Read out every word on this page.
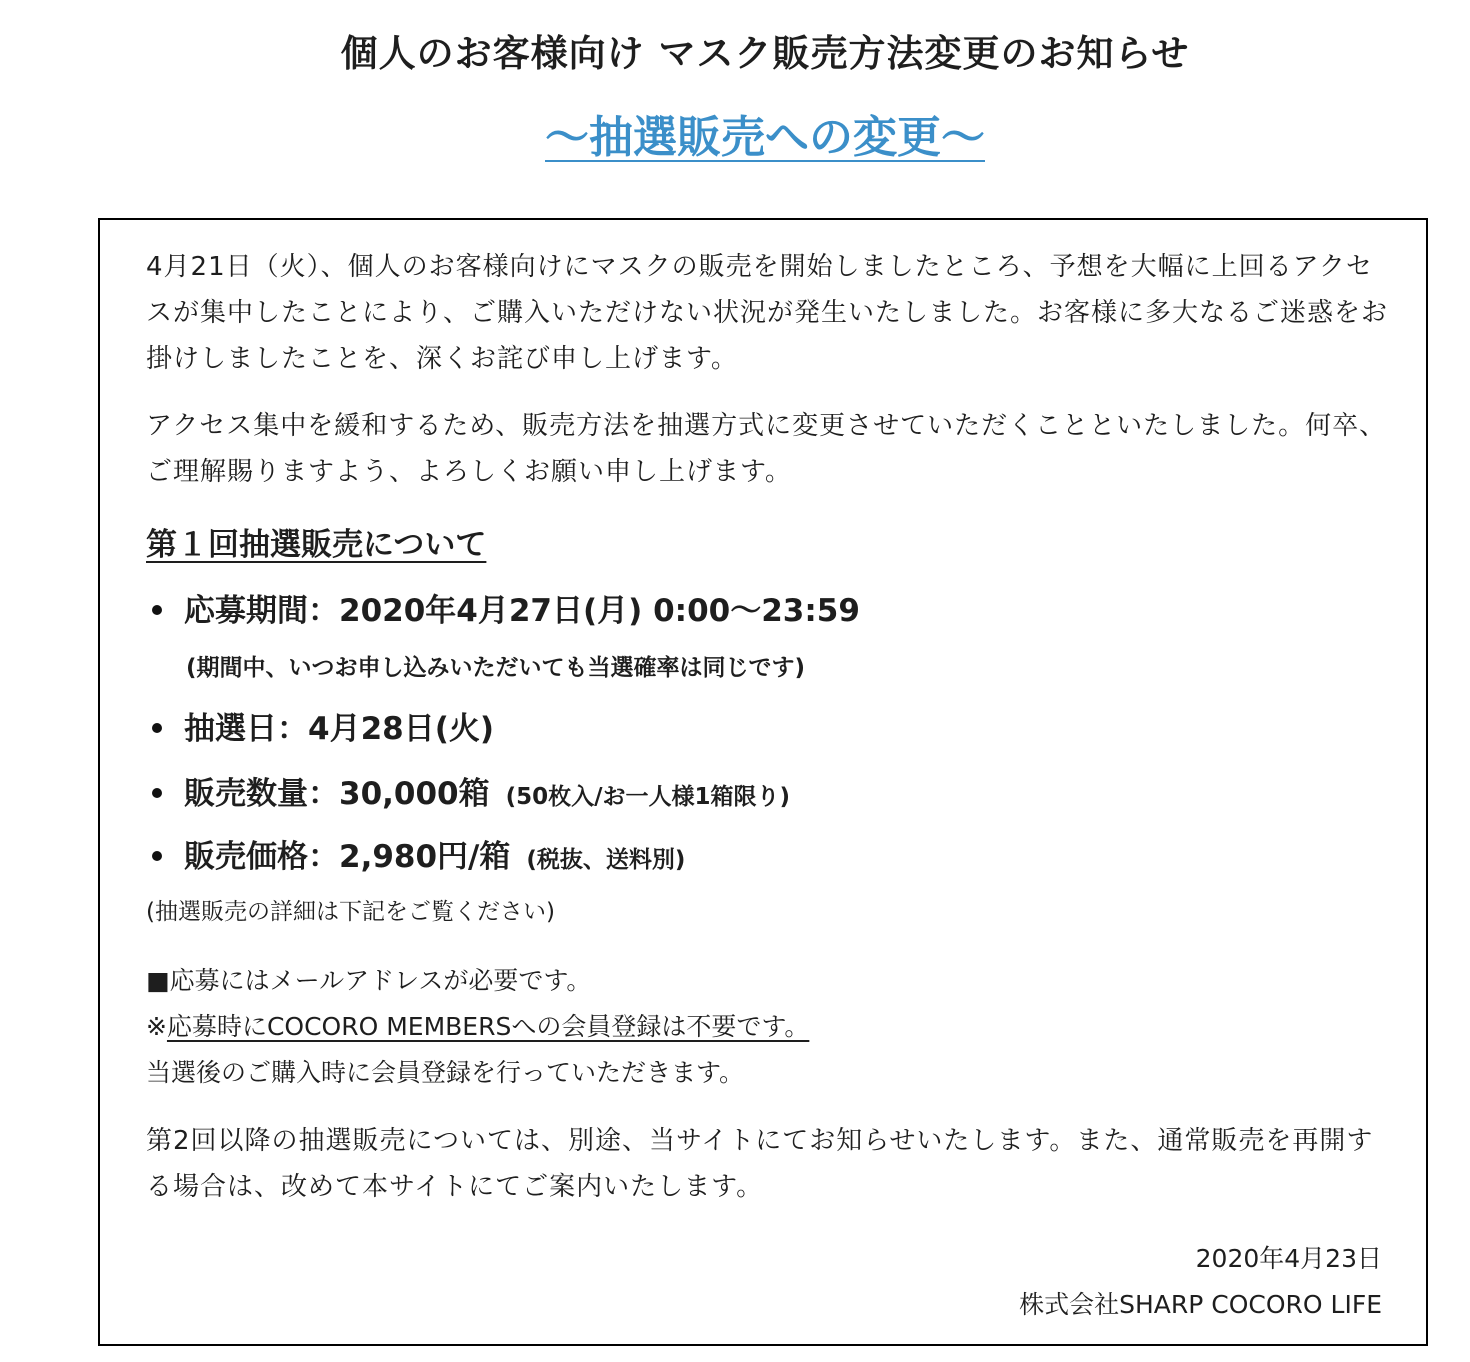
個人のお客様向け マスク販売方法変更のお知らせ
～抽選販売への変更～

4月21日（火）、個人のお客様向けにマスクの販売を開始しましたところ、予想を大幅に上回るアクセスが集中したことにより、ご購入いただけない状況が発生いたしました。お客様に多大なるご迷惑をお掛けしましたことを、深くお詫び申し上げます。

アクセス集中を緩和するため、販売方法を抽選方式に変更させていただくことといたしました。何卒、ご理解賜りますよう、よろしくお願い申し上げます。

第１回抽選販売について
応募期間：2020年4月27日(月) 0:00～23:59
(期間中、いつお申し込みいただいても当選確率は同じです)
抽選日：4月28日(火)
販売数量：30,000箱 (50枚入/お一人様1箱限り)
販売価格：2,980円/箱 (税抜、送料別)
(抽選販売の詳細は下記をご覧ください)
■応募にはメールアドレスが必要です。
※応募時にCOCORO MEMBERSへの会員登録は不要です。
当選後のご購入時に会員登録を行っていただきます。

第2回以降の抽選販売については、別途、当サイトにてお知らせいたします。また、通常販売を再開する場合は、改めて本サイトにてご案内いたします。

2020年4月23日
株式会社SHARP COCORO LIFE
